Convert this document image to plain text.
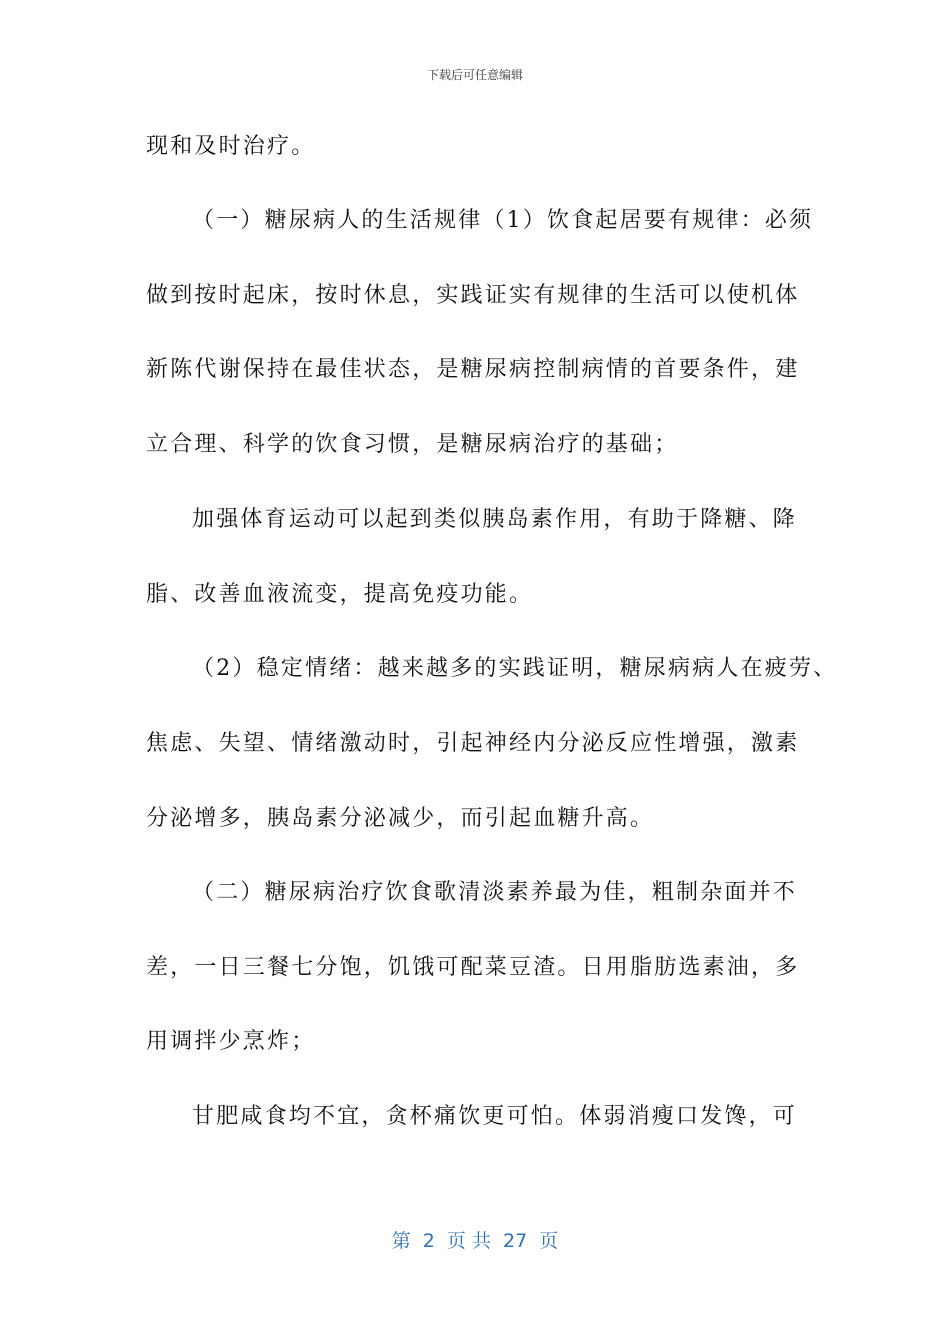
下载后可任意编辑
现和及时治疗。
（一）糖尿病人的生活规律（1）饮食起居要有规律：必须
做到按时起床，按时休息，实践证实有规律的生活可以使机体
新陈代谢保持在最佳状态，是糖尿病控制病情的首要条件，建
立合理、科学的饮食习惯，是糖尿病治疗的基础；
加强体育运动可以起到类似胰岛素作用，有助于降糖、降
脂、改善血液流变，提高免疫功能。
（2）稳定情绪：越来越多的实践证明，糖尿病病人在疲劳、
焦虑、失望、情绪激动时，引起神经内分泌反应性增强，激素
分泌增多，胰岛素分泌减少，而引起血糖升高。
（二）糖尿病治疗饮食歌清淡素养最为佳，粗制杂面并不
差，一日三餐七分饱，饥饿可配菜豆渣。日用脂肪选素油，多
用调拌少烹炸；
甘肥咸食均不宜，贪杯痛饮更可怕。体弱消瘦口发馋，可
第  2  页 共  27  页
